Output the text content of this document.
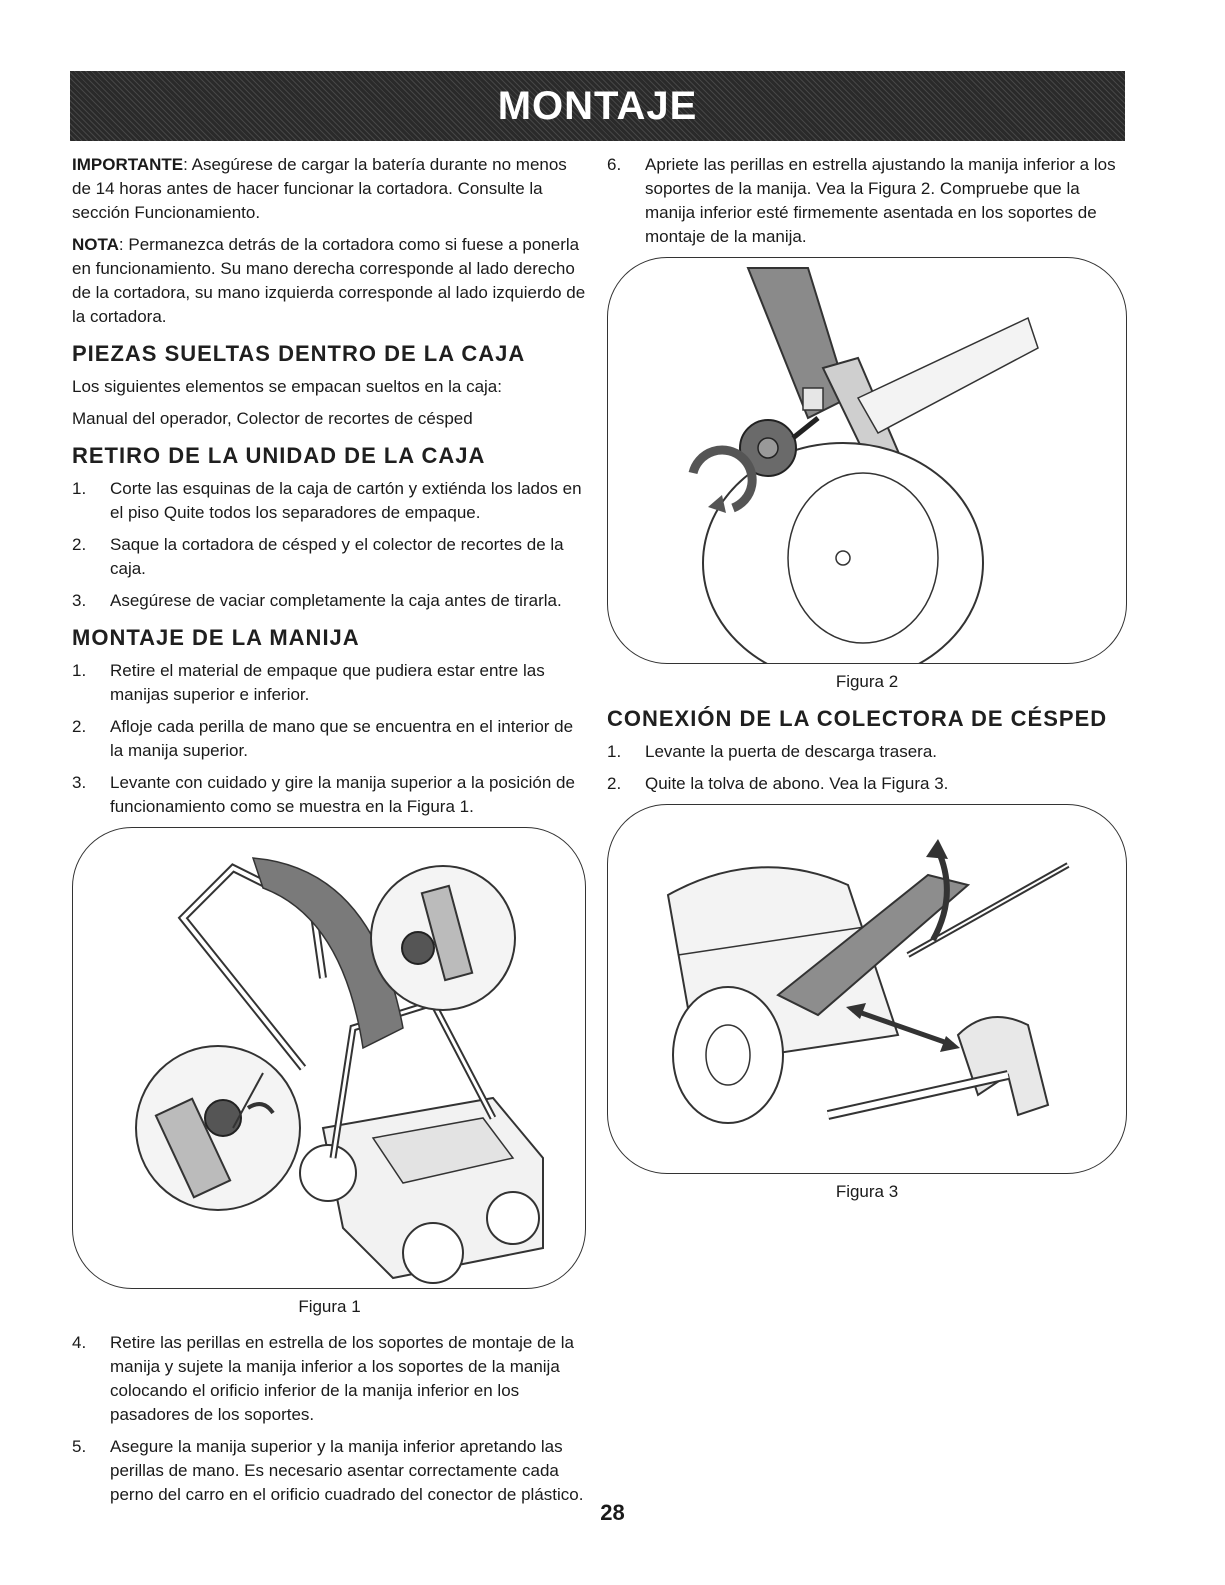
MONTAJE

IMPORTANTE: Asegúrese de cargar la batería durante no menos de 14 horas antes de hacer funcionar la cortadora. Consulte la sección Funcionamiento.

NOTA: Permanezca detrás de la cortadora como si fuese a ponerla en funcionamiento. Su mano derecha corresponde al lado derecho de la cortadora, su mano izquierda corresponde al lado izquierdo de la cortadora.

PIEZAS SUELTAS DENTRO DE LA CAJA

Los siguientes elementos se empacan sueltos en la caja:

Manual del operador, Colector de recortes de césped

RETIRO DE LA UNIDAD DE LA CAJA
1. Corte las esquinas de la caja de cartón y extiénda los lados en el piso Quite todos los separadores de empaque.
2. Saque la cortadora de césped y el colector de recortes de la caja.
3. Asegúrese de vaciar completamente la caja antes de tirarla.
MONTAJE DE LA MANIJA
1. Retire el material de empaque que pudiera estar entre las manijas superior e inferior.
2. Afloje cada perilla de mano que se encuentra en el interior de la manija superior.
3. Levante con cuidado y gire la manija superior a la posición de funcionamiento como se muestra en la Figura 1.
Figura 1
4. Retire las perillas en estrella de los soportes de montaje de la manija y sujete la manija inferior a los soportes de la manija colocando el orificio inferior de la manija inferior en los pasadores de los soportes.
5. Asegure la manija superior y la manija inferior apretando las perillas de mano. Es necesario asentar correctamente cada perno del carro en el orificio cuadrado del conector de plástico.
6. Apriete las perillas en estrella ajustando la manija inferior a los soportes de la manija. Vea la Figura 2. Compruebe que la manija inferior esté firmemente asentada en los soportes de montaje de la manija.
Figura 2
CONEXIÓN DE LA COLECTORA DE CÉSPED
1. Levante la puerta de descarga trasera.
2. Quite la tolva de abono. Vea la Figura 3.
Figura 3
28
